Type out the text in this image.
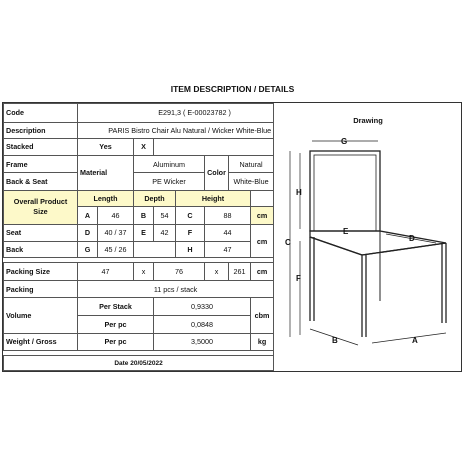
ITEM DESCRIPTION / DETAILS
Code	E291,3 ( E-00023782 )							
Description	PARIS Bistro Chair Alu Natural / Wicker White-Blue							
Stacked	Yes		X					
Frame	Material		Aluminum			Color	Natural	
Back & Seat			PE Wicker				White-Blue	
Overall Product Size	Length		Depth		Height			
	A	46	B	54	C	88		cm
Seat	D	40 / 37	E	42	F	44		cm
Back	G	45 / 26			H	47		

Packing Size	47		x	76		x	261	cm
Packing	11 pcs / stack							
Volume	Per Stack			0,9330				cbm
	Per pc			0,0848				
Weight / Gross	Per pc			3,5000				kg

Date 20/05/2022								
Drawing
G
H
C
F
E
D
B	A
